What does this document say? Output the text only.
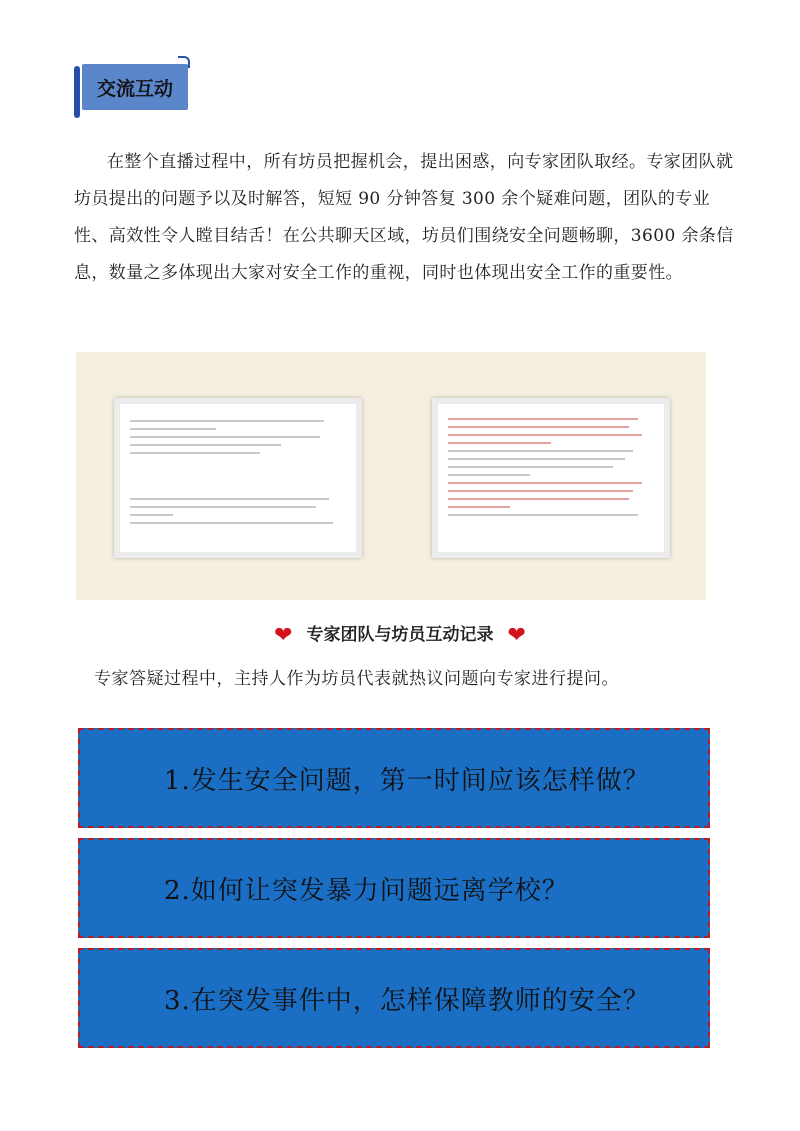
交流互动
在整个直播过程中，所有坊员把握机会，提出困惑，向专家团队取经。专家团队就坊员提出的问题予以及时解答，短短 90 分钟答复 300 余个疑难问题，团队的专业性、高效性令人瞠目结舌！在公共聊天区域，坊员们围绕安全问题畅聊，3600 余条信息，数量之多体现出大家对安全工作的重视，同时也体现出安全工作的重要性。
❤ 专家团队与坊员互动记录 ❤
专家答疑过程中，主持人作为坊员代表就热议问题向专家进行提问。
1.发生安全问题，第一时间应该怎样做？
2.如何让突发暴力问题远离学校？
3.在突发事件中，怎样保障教师的安全？
